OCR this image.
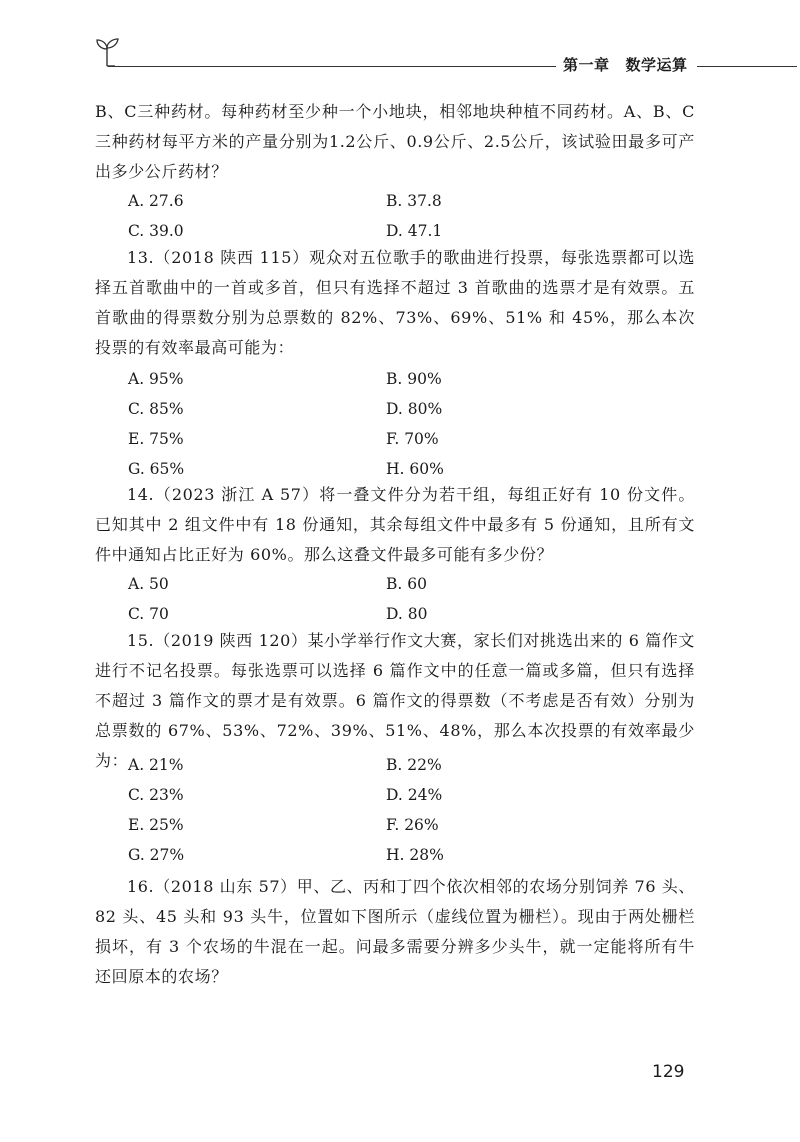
第一章 数学运算
B、C三种药材。每种药材至少种一个小地块，相邻地块种植不同药材。A、B、C三种药材每平方米的产量分别为1.2公斤、0.9公斤、2.5公斤，该试验田最多可产出多少公斤药材？
A. 27.6	B. 37.8
C. 39.0	D. 47.1
13.（2018 陕西 115）观众对五位歌手的歌曲进行投票，每张选票都可以选择五首歌曲中的一首或多首，但只有选择不超过 3 首歌曲的选票才是有效票。五首歌曲的得票数分别为总票数的 82%、73%、69%、51% 和 45%，那么本次投票的有效率最高可能为：
A. 95%	B. 90%
C. 85%	D. 80%
E. 75%	F. 70%
G. 65%	H. 60%
14.（2023 浙江 A 57）将一叠文件分为若干组，每组正好有 10 份文件。已知其中 2 组文件中有 18 份通知，其余每组文件中最多有 5 份通知，且所有文件中通知占比正好为 60%。那么这叠文件最多可能有多少份？
A. 50	B. 60
C. 70	D. 80
15.（2019 陕西 120）某小学举行作文大赛，家长们对挑选出来的 6 篇作文进行不记名投票。每张选票可以选择 6 篇作文中的任意一篇或多篇，但只有选择不超过 3 篇作文的票才是有效票。6 篇作文的得票数（不考虑是否有效）分别为总票数的 67%、53%、72%、39%、51%、48%，那么本次投票的有效率最少为： A. 21%	B. 22%
C. 23%	D. 24%
E. 25%	F. 26%
G. 27%	H. 28%
16.（2018 山东 57）甲、乙、丙和丁四个依次相邻的农场分别饲养 76 头、82 头、45 头和 93 头牛，位置如下图所示（虚线位置为栅栏）。现由于两处栅栏损坏，有 3 个农场的牛混在一起。问最多需要分辨多少头牛，就一定能将所有牛还回原本的农场？
129
